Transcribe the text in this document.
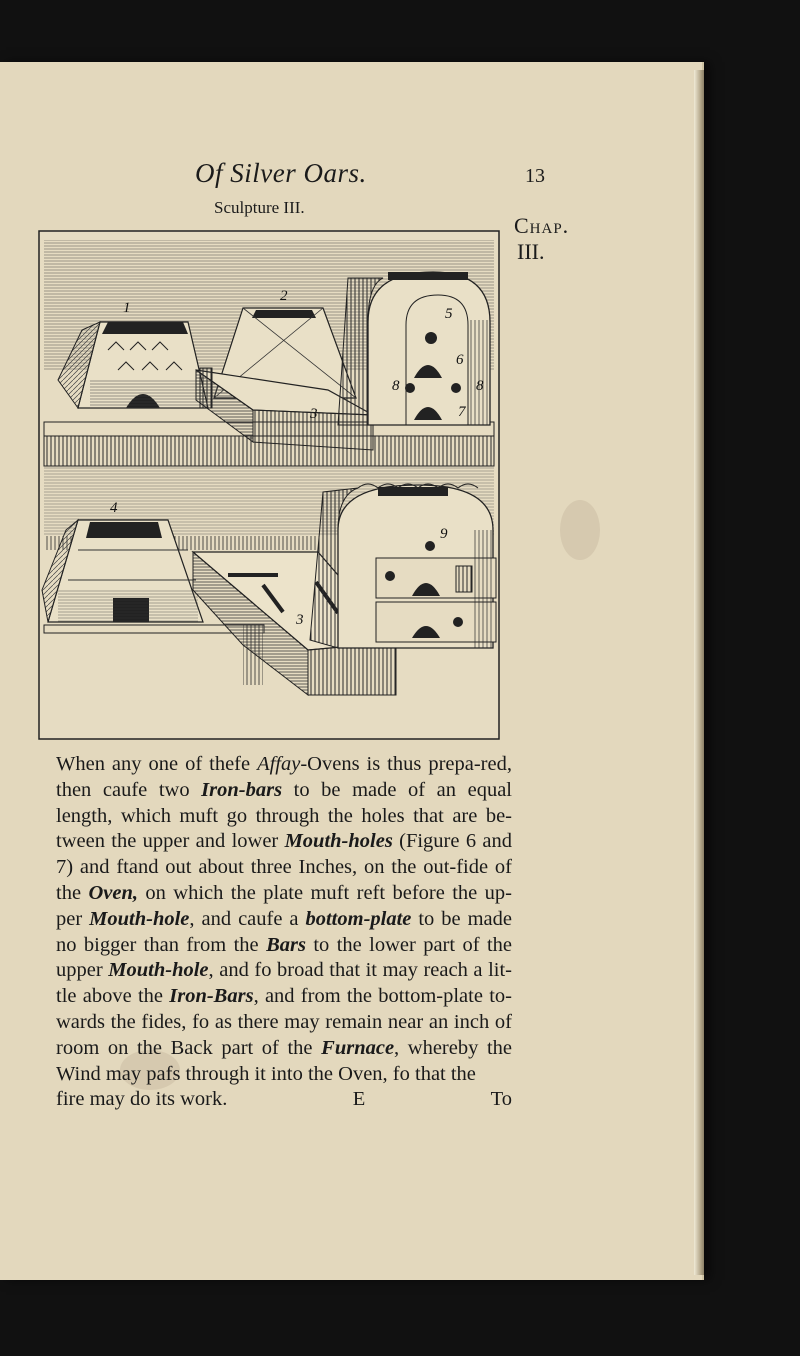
Of Silver Oars.	13
Sculpture III.
Chap.
III.
1
2
3
5
6
7
8	8
4
9
3

When any one of thefe Affay-Ovens is thus prepa-red, then caufe two Iron-bars to be made of an equal length, which muft go through the holes that are be-tween the upper and lower Mouth-holes (Figure 6 and 7) and ftand out about three Inches, on the out-fide of the Oven, on which the plate muft reft before the up-per Mouth-hole, and caufe a bottom-plate to be made no bigger than from the Bars to the lower part of the upper Mouth-hole, and fo broad that it may reach a lit-tle above the Iron-Bars, and from the bottom-plate to-wards the fides, fo as there may remain near an inch of room on the Back part of the Furnace, whereby the Wind may pafs through it into the Oven, fo that the

fire may do its work.	E	To
